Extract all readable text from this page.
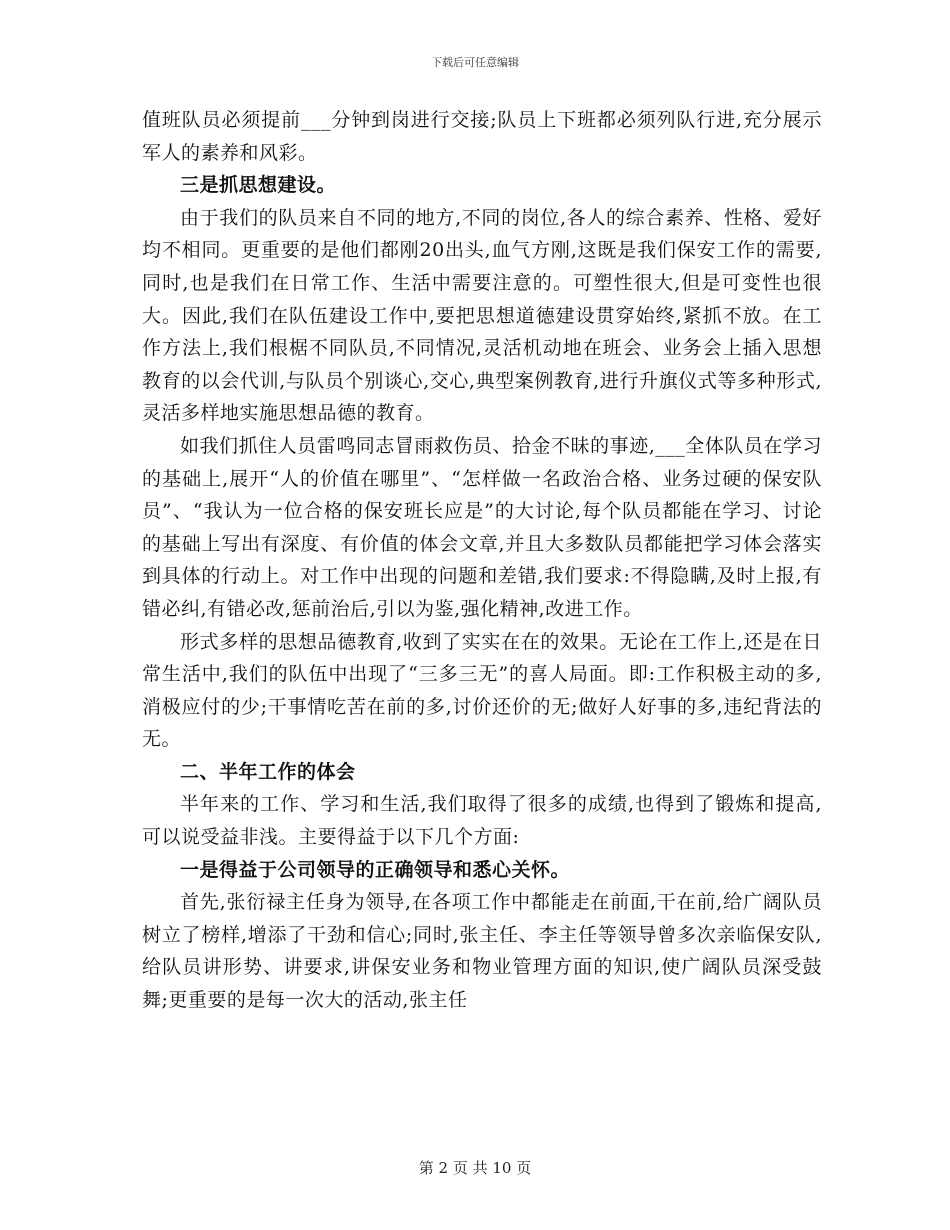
下载后可任意编辑

值班队员必须提前___分钟到岗进行交接;队员上下班都必须列队行进,充分展示军人的素养和风彩。

三是抓思想建设。

由于我们的队员来自不同的地方,不同的岗位,各人的综合素养、性格、爱好均不相同。更重要的是他们都刚20出头,血气方刚,这既是我们保安工作的需要,同时,也是我们在日常工作、生活中需要注意的。可塑性很大,但是可变性也很大。因此,我们在队伍建设工作中,要把思想道德建设贯穿始终,紧抓不放。在工作方法上,我们根椐不同队员,不同情况,灵活机动地在班会、业务会上插入思想教育的以会代训,与队员个别谈心,交心,典型案例教育,进行升旗仪式等多种形式,灵活多样地实施思想品德的教育。

如我们抓住人员雷鸣同志冒雨救伤员、拾金不昧的事迹,___全体队员在学习的基础上,展开“人的价值在哪里”、“怎样做一名政治合格、业务过硬的保安队员”、“我认为一位合格的保安班长应是”的大讨论,每个队员都能在学习、讨论的基础上写出有深度、有价值的体会文章,并且大多数队员都能把学习体会落实到具体的行动上。对工作中出现的问题和差错,我们要求:不得隐瞒,及时上报,有错必纠,有错必改,惩前治后,引以为鉴,强化精神,改进工作。

形式多样的思想品德教育,收到了实实在在的效果。无论在工作上,还是在日常生活中,我们的队伍中出现了“三多三无”的喜人局面。即:工作积极主动的多,消极应付的少;干事情吃苦在前的多,讨价还价的无;做好人好事的多,违纪背法的无。

二、半年工作的体会

半年来的工作、学习和生活,我们取得了很多的成绩,也得到了锻炼和提高,可以说受益非浅。主要得益于以下几个方面:

一是得益于公司领导的正确领导和悉心关怀。

首先,张衍禄主任身为领导,在各项工作中都能走在前面,干在前,给广阔队员树立了榜样,增添了干劲和信心;同时,张主任、李主任等领导曾多次亲临保安队,给队员讲形势、讲要求,讲保安业务和物业管理方面的知识,使广阔队员深受鼓舞;更重要的是每一次大的活动,张主任

第 2 页 共 10 页
